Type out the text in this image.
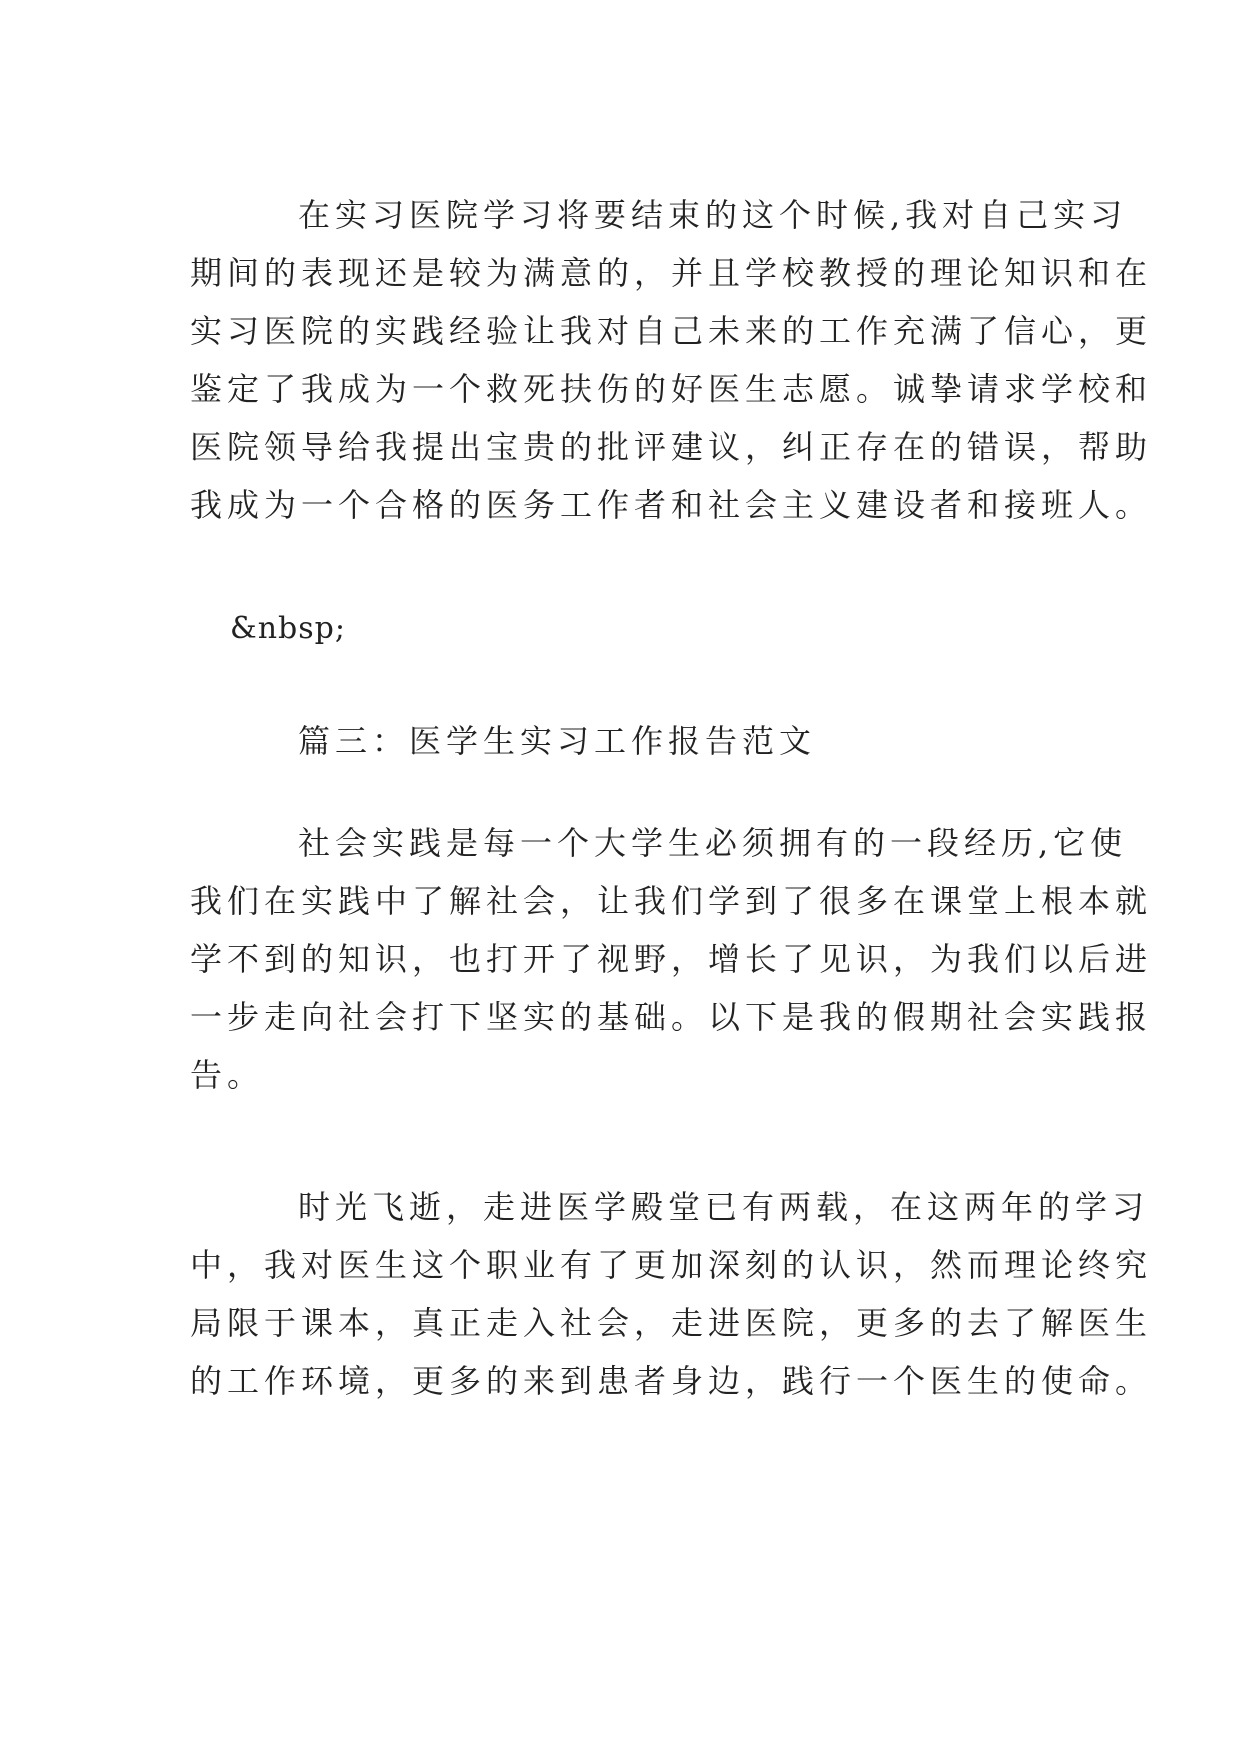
在实习医院学习将要结束的这个时候,我对自己实习
期间的表现还是较为满意的，并且学校教授的理论知识和在
实习医院的实践经验让我对自己未来的工作充满了信心，更
鉴定了我成为一个救死扶伤的好医生志愿。诚挚请求学校和
医院领导给我提出宝贵的批评建议，纠正存在的错误，帮助
我成为一个合格的医务工作者和社会主义建设者和接班人。
&nbsp;
篇三：医学生实习工作报告范文
社会实践是每一个大学生必须拥有的一段经历,它使
我们在实践中了解社会，让我们学到了很多在课堂上根本就
学不到的知识，也打开了视野，增长了见识，为我们以后进
一步走向社会打下坚实的基础。以下是我的假期社会实践报
告。
时光飞逝，走进医学殿堂已有两载，在这两年的学习
中，我对医生这个职业有了更加深刻的认识，然而理论终究
局限于课本，真正走入社会，走进医院，更多的去了解医生
的工作环境，更多的来到患者身边，践行一个医生的使命。
